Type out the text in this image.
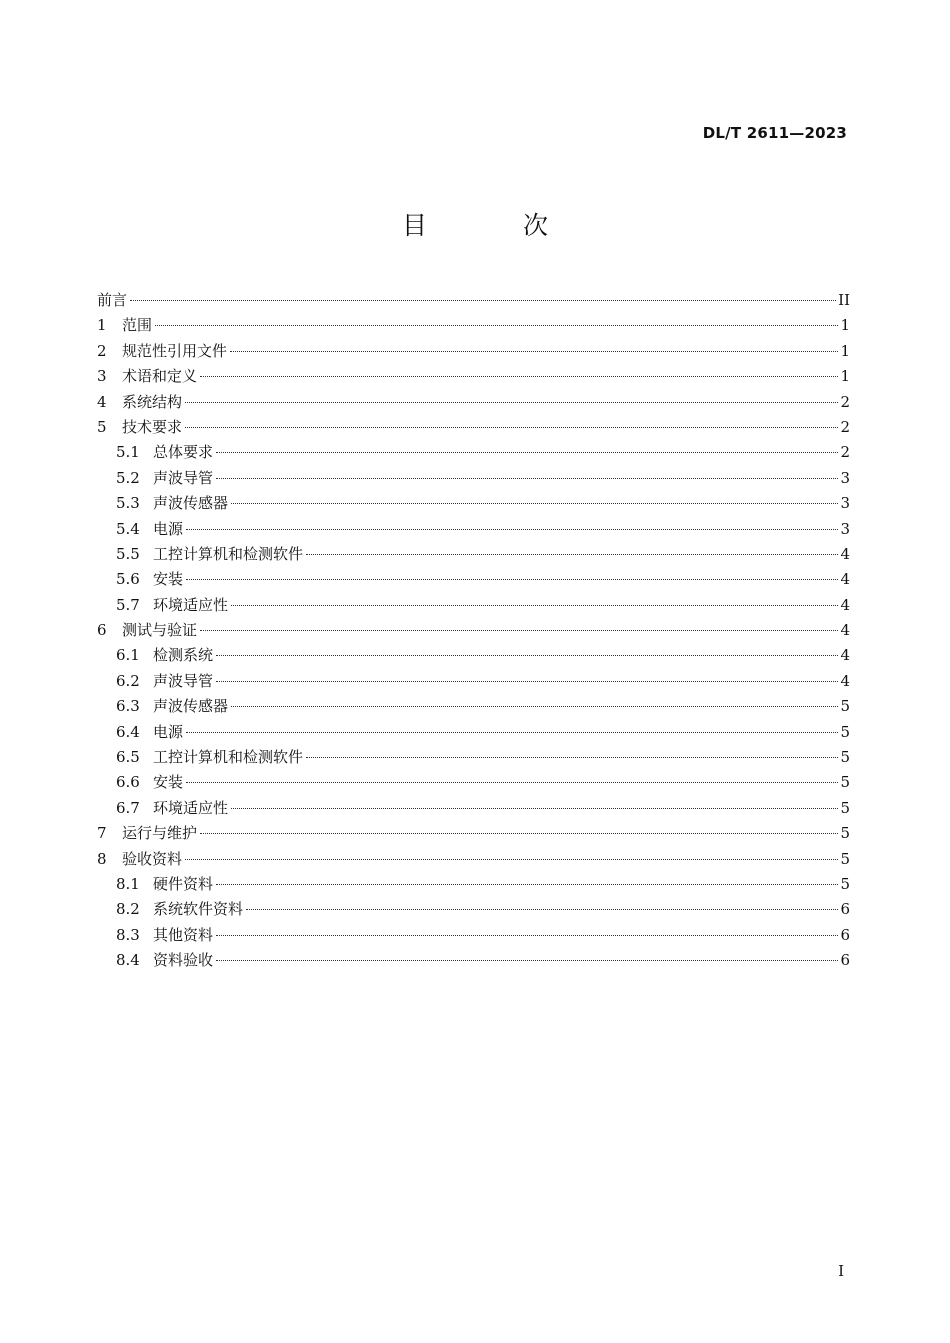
DL/T 2611—2023
目 次
前言	II
1	范围	1
2	规范性引用文件	1
3	术语和定义	1
4	系统结构	2
5	技术要求	2
5.1 总体要求	2
5.2 声波导管	3
5.3 声波传感器	3
5.4 电源	3
5.5 工控计算机和检测软件	4
5.6 安装	4
5.7 环境适应性	4
6	测试与验证	4
6.1 检测系统	4
6.2 声波导管	4
6.3 声波传感器	5
6.4 电源	5
6.5 工控计算机和检测软件	5
6.6 安装	5
6.7 环境适应性	5
7	运行与维护	5
8	验收资料	5
8.1 硬件资料	5
8.2 系统软件资料	6
8.3 其他资料	6
8.4 资料验收	6
I
